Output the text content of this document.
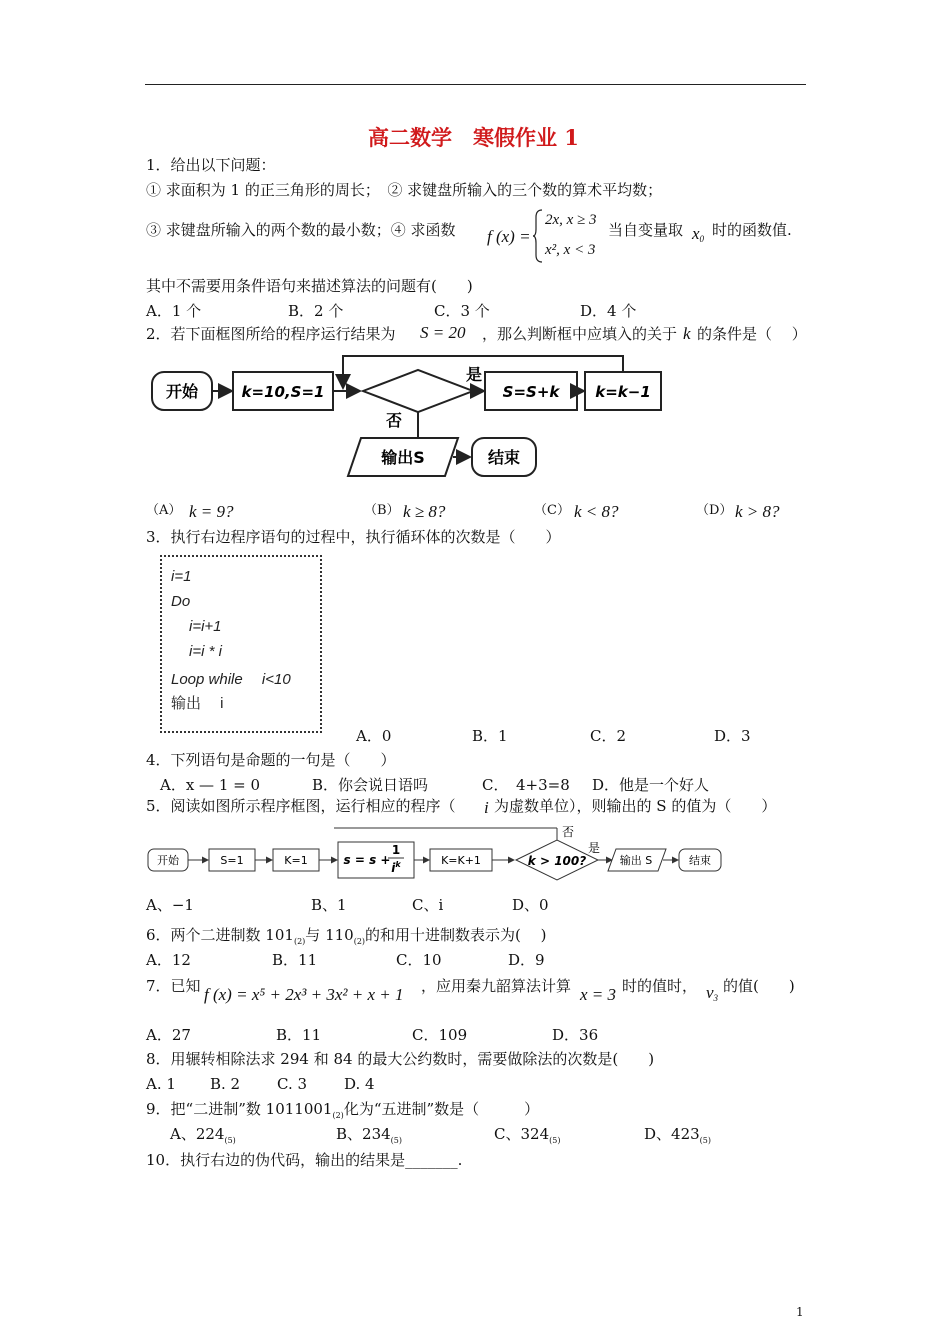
高二数学　寒假作业 1
1．给出以下问题：
① 求面积为 1 的正三角形的周长；　② 求键盘所输入的三个数的算术平均数；
③ 求键盘所输入的两个数的最小数；④ 求函数 f (x) =
2x, x ≥ 3
x², x < 3
当自变量取 $x_0$ 时的函数值.
其中不需要用条件语句来描述算法的问题有(　　)
A．1 个	B．2 个	C．3 个	D．4 个
2．若下面框图所给的程序运行结果为 S = 20 ，那么判断框中应填入的关于 k 的条件是（　 ）
开始	k=10,S=1
是
S=S+k k=k−1
否
输出S	结束
（A） k = 9?	（B） k ≥ 8?	（C） k < 8?	（D） k > 8?
3．执行右边程序语句的过程中，执行循环体的次数是（　　）
i=1
Do
i=i+1
i=i * i
Loop while　 i<10
输出　 i
A．0	B．1	C．2	D．3
4．下列语句是命题的一句是（　　）
A．x — 1 = 0	B．你会说日语吗	C．　4+3=8 D．他是一个好人
5．阅读如图所示程序框图，运行相应的程序（ i 为虚数单位），则输出的 S 的值为（　　）
否
开始	S=1	K=1	s = s +
1
$i^k$	K=K+1	k > 100?
是
输出 S	结束
A、−1	B、1	C、i	D、0
6．两个二进制数 $101_{(2)}$与 $110_{(2)}$的和用十进制数表示为(　 )
A．12	B．11	C．10	D．9
7．已知 f (x) = x⁵ + 2x³ + 3x² + x + 1 ，应用秦九韶算法计算 x = 3 时的值时， $v_3$
的值(　　)
A．27	B．11	C．109	D．36
8．用辗转相除法求 294 和 84 的最大公约数时，需要做除法的次数是(　　)
A. 1 B. 2 C. 3 D. 4
9．把“二进制”数 $1011001_{(2)}$化为“五进制”数是（　　　）
A、$224_{(5)}$	B、$234_{(5)}$	C、$324_{(5)}$	D、$423_{(5)}$
10．执行右边的伪代码，输出的结果是_______.
1
